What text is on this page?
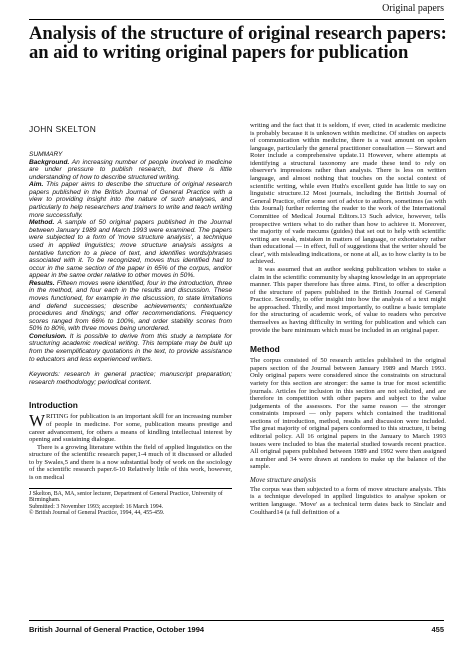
Original papers
Analysis of the structure of original research papers: an aid to writing original papers for publication
JOHN SKELTON
SUMMARY

Background. An increasing number of people involved in medicine are under pressure to publish research, but there is little understanding of how to describe structured writing.

Aim. This paper aims to describe the structure of original research papers published in the British Journal of General Practice with a view to providing insight into the nature of such analyses, and particularly to help researchers and trainers to write and teach writing more successfully.

Method. A sample of 50 original papers published in the Journal between January 1989 and March 1993 were examined. The papers were subjected to a form of 'move structure analysis', a technique used in applied linguistics; move structure analysis assigns a tentative function to a piece of text, and identifies words/phrases associated with it. To be recognized, moves thus identified had to occur in the same section of the paper in 65% of the corpus, and/or appear in the same order relative to other moves in 50%.

Results. Fifteen moves were identified, four in the introduction, three in the method, and four each in the results and discussion. These moves functioned, for example in the discussion, to state limitations and defend successes; describe achievements; contextualize procedures and findings; and offer recommendations. Frequency scores ranged from 66% to 100%, and order stability scores from 50% to 80%, with three moves being unordered.

Conclusion. It is possible to derive from this study a template for structuring academic medical writing. This template may be built up from the exemplificatory quotations in the text, to provide assistance to educators and less experienced writers.

Keywords: research in general practice; manuscript preparation; research methodology; periodical content.

Introduction

WRITING for publication is an important skill for an increasing number of people in medicine. For some, publication means prestige and career advancement, for others a means of kindling intellectual interest by opening and sustaining dialogue.

There is a growing literature within the field of applied linguistics on the structure of the scientific research paper,1-4 much of it discussed or alluded to by Swales,5 and there is a now substantial body of work on the sociology of the scientific research paper.6-10 Relatively little of this work, however, is on medical

J Skelton, BA, MA, senior lecturer, Department of General Practice, University of Birmingham.

Submitted: 3 November 1993; accepted: 16 March 1994.

© British Journal of General Practice, 1994, 44, 455-459.

writing and the fact that it is seldom, if ever, cited in academic medicine is probably because it is unknown within medicine. Of studies on aspects of communication within medicine, there is a vast amount on spoken language, particularly the general practitioner consultation — Stewart and Roter include a comprehensive update.11 However, where attempts at identifying a structural taxonomy are made these tend to rely on observer's impressions rather than analysis. There is less on written language, and almost nothing that touches on the social context of scientific writing, while even Huth's excellent guide has little to say on linguistic structure.12 Most journals, including the British Journal of General Practice, offer some sort of advice to authors, sometimes (as with this Journal) further referring the reader to the work of the International Committee of Medical Journal Editors.13 Such advice, however, tells prospective writers what to do rather than how to achieve it. Moreover, the majority of vade mecums (guides) that set out to help with scientific writing are weak, mistaken in matters of language, or exhortatory rather than educational — in effect, full of suggestions that the writer should 'be clear', with misleading indications, or none at all, as to how clarity is to be achieved.

It was assumed that an author seeking publication wishes to stake a claim in the scientific community by shaping knowledge in an appropriate manner. This paper therefore has three aims. First, to offer a description of the structure of papers published in the British Journal of General Practice. Secondly, to offer insight into how the analysis of a text might be approached. Thirdly, and most importantly, to outline a basic template for the structuring of academic work, of value to readers who perceive themselves as having difficulty in writing for publication and which can provide the bare minimum which must be included in an original paper.

Method

The corpus consisted of 50 research articles published in the original papers section of the Journal between January 1989 and March 1993. Only original papers were considered since the constraints on structural variety for this section are stronger: the same is true for most scientific journals. Articles for inclusion in this section are not solicited, and are therefore in competition with other papers and subject to the value judgements of the assessors. For the same reason — the stronger constraints imposed — only papers which contained the traditional sections of introduction, method, results and discussion were included. The great majority of original papers conformed to this structure, it being editorial policy. All 16 original papers in the January to March 1993 issues were included to bias the material studied towards recent practice. All original papers published between 1989 and 1992 were then assigned a number and 34 were drawn at random to make up the balance of the sample.

Move structure analysis

The corpus was then subjected to a form of move structure analysis. This is a technique developed in applied linguistics to analyse spoken or written language. 'Move' as a technical term dates back to Sinclair and Coulthard14 (a full definition of a

British Journal of General Practice, October 1994	455
